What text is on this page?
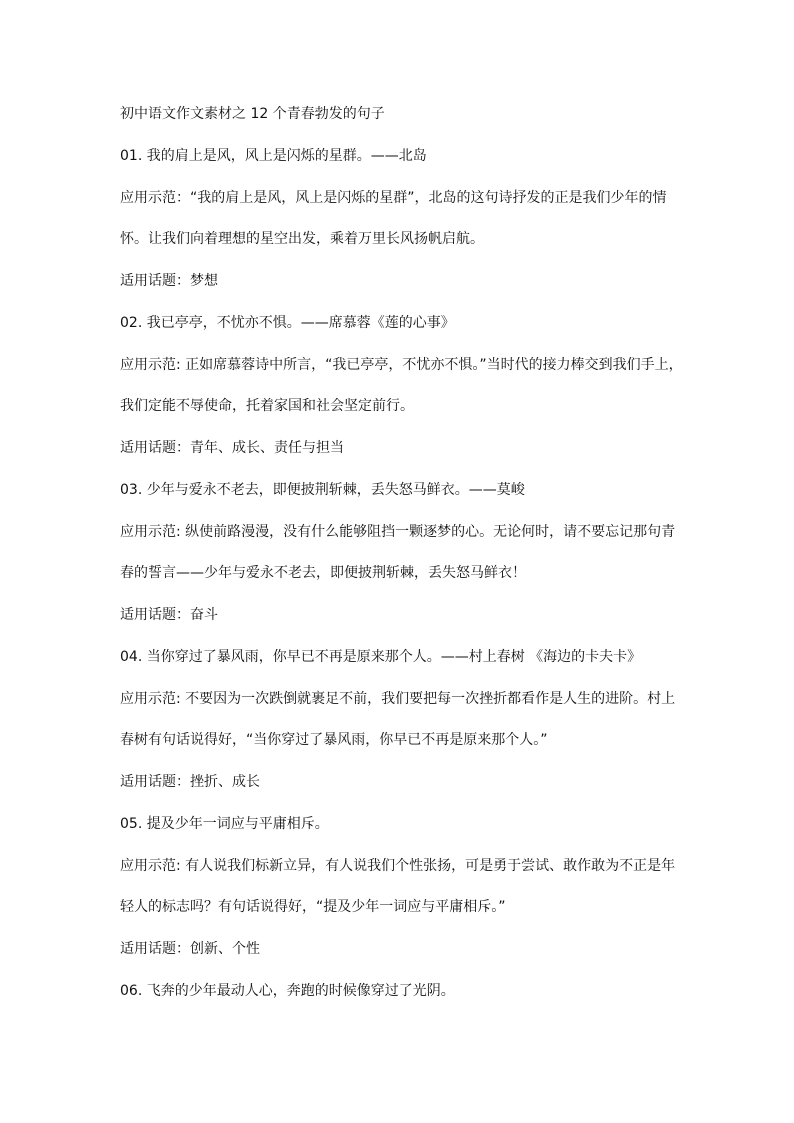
初中语文作文素材之 12 个青春勃发的句子

01. 我的肩上是风，风上是闪烁的星群。——北岛

应用示范：“我的肩上是风，风上是闪烁的星群”，北岛的这句诗抒发的正是我们少年的情

怀。让我们向着理想的星空出发，乘着万里长风扬帆启航。

适用话题：梦想

02. 我已亭亭，不忧亦不惧。——席慕蓉《莲的心事》

应用示范: 正如席慕蓉诗中所言，“我已亭亭，不忧亦不惧。”当时代的接力棒交到我们手上，

我们定能不辱使命，托着家国和社会坚定前行。

适用话题：青年、成长、责任与担当

03. 少年与爱永不老去，即便披荆斩棘，丢失怒马鲜衣。——莫峻

应用示范: 纵使前路漫漫，没有什么能够阻挡一颗逐梦的心。无论何时，请不要忘记那句青

春的誓言——少年与爱永不老去，即便披荆斩棘，丢失怒马鲜衣！

适用话题：奋斗

04. 当你穿过了暴风雨，你早已不再是原来那个人。——村上春树 《海边的卡夫卡》

应用示范: 不要因为一次跌倒就裹足不前，我们要把每一次挫折都看作是人生的进阶。村上

春树有句话说得好，“当你穿过了暴风雨，你早已不再是原来那个人。”

适用话题：挫折、成长

05. 提及少年一词应与平庸相斥。

应用示范: 有人说我们标新立异，有人说我们个性张扬，可是勇于尝试、敢作敢为不正是年

轻人的标志吗？有句话说得好，“提及少年一词应与平庸相斥。”

适用话题：创新、个性

06. 飞奔的少年最动人心，奔跑的时候像穿过了光阴。
